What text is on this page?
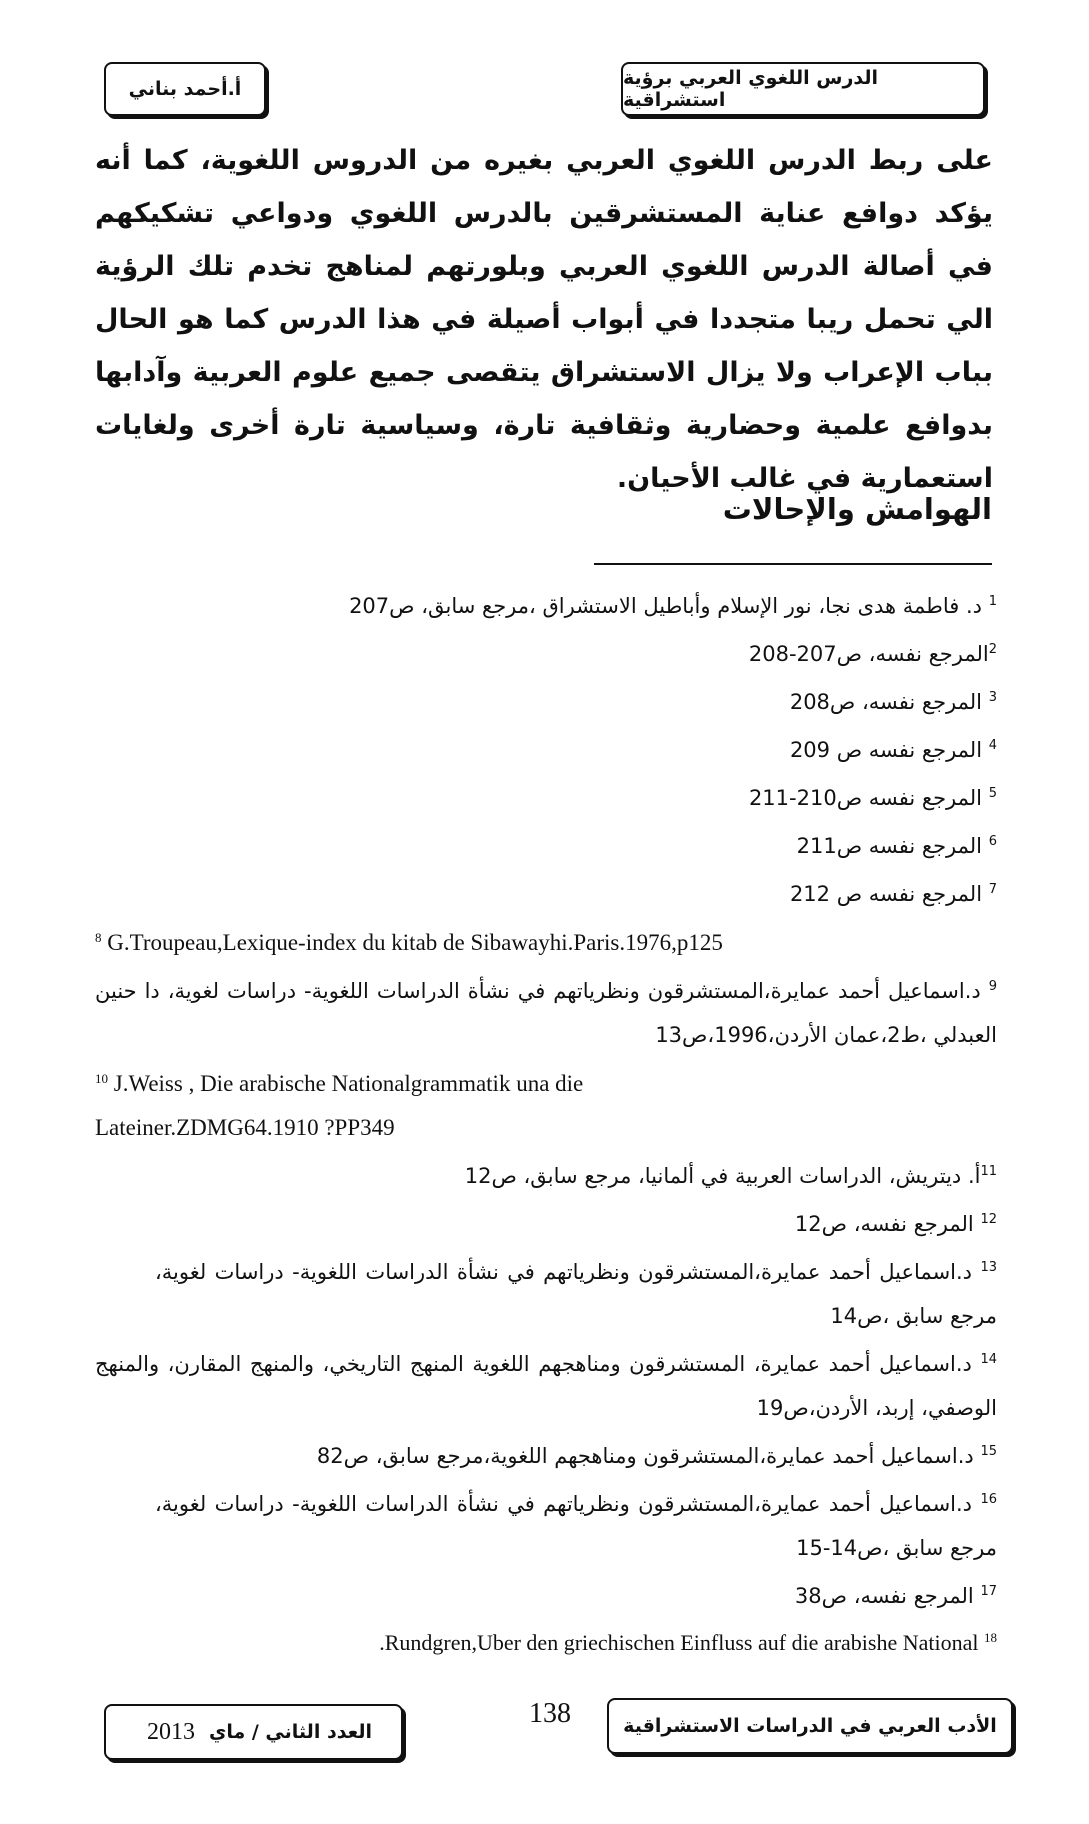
الدرس اللغوي العربي برؤية استشراقية
أ.أحمد بناني

على ربط الدرس اللغوي العربي بغيره من الدروس اللغوية، كما أنه يؤكد دوافع عناية المستشرقين بالدرس اللغوي ودواعي تشكيكهم في أصالة الدرس اللغوي العربي وبلورتهم لمناهج تخدم تلك الرؤية الي تحمل ريبا متجددا في أبواب أصيلة في هذا الدرس كما هو الحال بباب الإعراب ولا يزال الاستشراق يتقصى جميع علوم العربية وآدابها بدوافع علمية وحضارية وثقافية تارة، وسياسية تارة أخرى ولغايات استعمارية في غالب الأحيان.

الهوامش والإحالات

$^1$ د. فاطمة هدى نجا، نور الإسلام وأباطيل الاستشراق ،مرجع سابق، ص207

$^2$المرجع نفسه، ص207-208

$^3$ المرجع نفسه، ص208

$^4$ المرجع نفسه ص 209

$^5$ المرجع نفسه ص210-211

$^6$ المرجع نفسه ص211

$^7$ المرجع نفسه ص 212

$^8$ G.Troupeau,Lexique-index du kitab de Sibawayhi.Paris.1976,p125

$^9$ د.اسماعيل أحمد عمايرة،المستشرقون ونظرياتهم في نشأة الدراسات اللغوية- دراسات لغوية، دا حنين العبدلي ،ط2،عمان الأردن،1996،ص13

$^{10}$ J.Weiss , Die arabische Nationalgrammatik una die Lateiner.ZDMG64.1910 ?PP349

$^{11}$أ. ديتريش، الدراسات العربية في ألمانيا، مرجع سابق، ص12

$^{12}$ المرجع نفسه، ص12

$^{13}$ د.اسماعيل أحمد عمايرة،المستشرقون ونظرياتهم في نشأة الدراسات اللغوية- دراسات لغوية، مرجع سابق ،ص14

$^{14}$ د.اسماعيل أحمد عمايرة، المستشرقون ومناهجهم اللغوية المنهج التاريخي، والمنهج المقارن، والمنهج الوصفي، إربد، الأردن،ص19

$^{15}$ د.اسماعيل أحمد عمايرة،المستشرقون ومناهجهم اللغوية،مرجع سابق، ص82

$^{16}$ د.اسماعيل أحمد عمايرة،المستشرقون ونظرياتهم في نشأة الدراسات اللغوية- دراسات لغوية، مرجع سابق ،ص14-15

$^{17}$ المرجع نفسه، ص38

.Rundgren,Uber den griechischen Einfluss auf die arabishe National $^{18}$

138	الأدب العربي في الدراسات الاستشراقية
2013 العدد الثاني / ماي
